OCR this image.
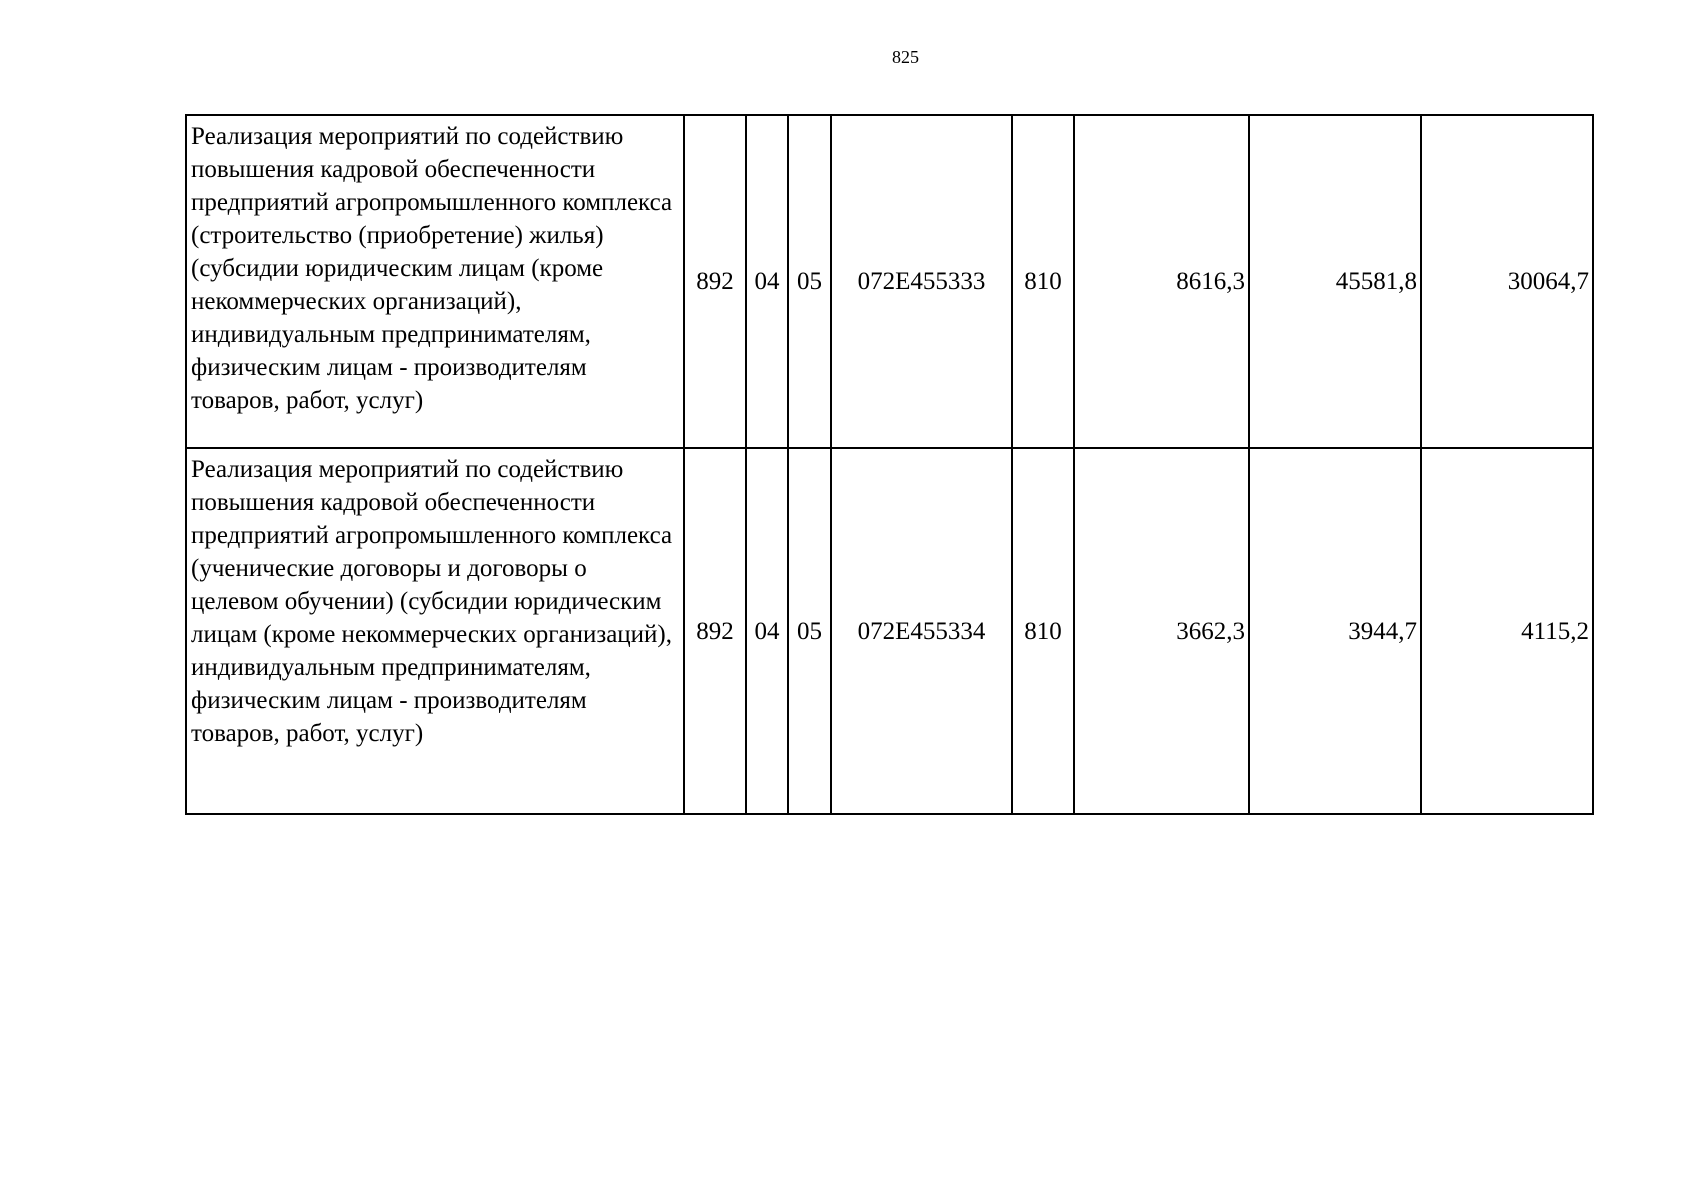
825
Реализация мероприятий по содействию повышения кадровой обеспеченности предприятий агропромышленного комплекса (строительство (приобретение) жилья) (субсидии юридическим лицам (кроме некоммерческих организаций), индивидуальным предпринимателям, физическим лицам - производителям товаров, работ, услуг)	892	04	05	072E455333	810	8616,3	45581,8	30064,7
Реализация мероприятий по содействию повышения кадровой обеспеченности предприятий агропромышленного комплекса (ученические договоры и договоры о целевом обучении) (субсидии юридическим лицам (кроме некоммерческих организаций), индивидуальным предпринимателям, физическим лицам - производителям товаров, работ, услуг)	892	04	05	072E455334	810	3662,3	3944,7	4115,2
